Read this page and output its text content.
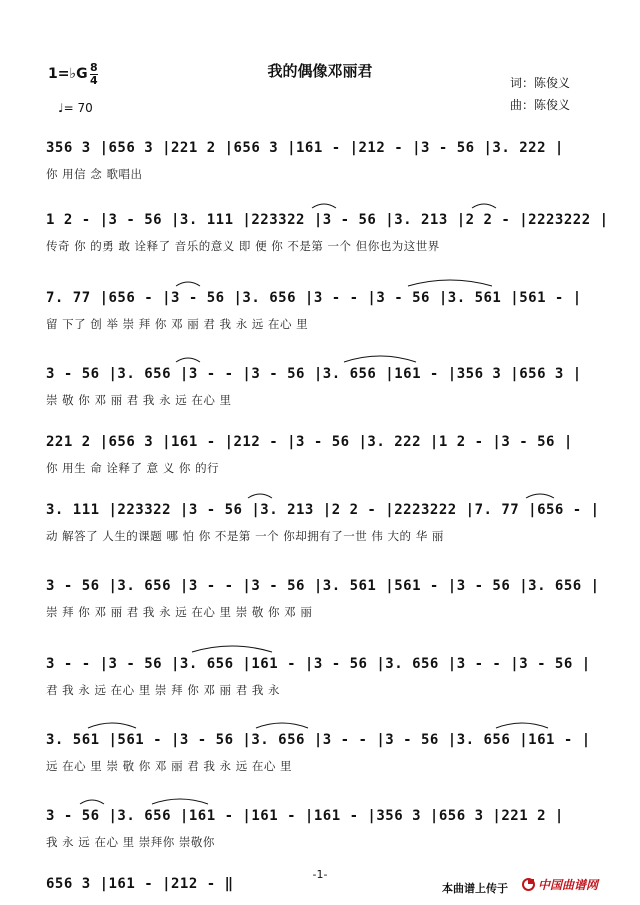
我的偶像邓丽君
1=♭G 8
4
♩= 70
词：陈俊义
曲：陈俊义
356 3 |656 3 |221 2 |656 3 |161 - |212 - |3 - 56 |3. 222 |
你 用信 念 歌唱出
1 2 - |3 - 56 |3. 111 |223322 |3 - 56 |3. 213 |2 2 - |2223222 |
传奇 你 的勇 敢 诠释了 音乐的意义 即 便 你 不是第 一个 但你也为这世界
7. 77 |656 - |3 - 56 |3. 656 |3 - - |3 - 56 |3. 561 |561 - |
留 下了 创 举 崇 拜 你 邓 丽 君 我 永 远 在心 里
3 - 56 |3. 656 |3 - - |3 - 56 |3. 656 |161 - |356 3 |656 3 |
崇 敬 你 邓 丽 君 我 永 远 在心 里
221 2 |656 3 |161 - |212 - |3 - 56 |3. 222 |1 2 - |3 - 56 |
你 用生 命 诠释了 意 义 你 的行
3. 111 |223322 |3 - 56 |3. 213 |2 2 - |2223222 |7. 77 |656 - |
动 解答了 人生的课题 哪 怕 你 不是第 一个 你却拥有了一世 伟 大的 华 丽
3 - 56 |3. 656 |3 - - |3 - 56 |3. 561 |561 - |3 - 56 |3. 656 |
崇 拜 你 邓 丽 君 我 永 远 在心 里 崇 敬 你 邓 丽
3 - - |3 - 56 |3. 656 |161 - |3 - 56 |3. 656 |3 - - |3 - 56 |
君 我 永 远 在心 里 崇 拜 你 邓 丽 君 我 永
3. 561 |561 - |3 - 56 |3. 656 |3 - - |3 - 56 |3. 656 |161 - |
远 在心 里 崇 敬 你 邓 丽 君 我 永 远 在心 里
3 - 56 |3. 656 |161 - |161 - |161 - |356 3 |656 3 |221 2 |
我 永 远 在心 里 崇拜你 崇敬你
656 3 |161 - |212 - ‖
-1-
本曲谱上传于	中国曲谱网
